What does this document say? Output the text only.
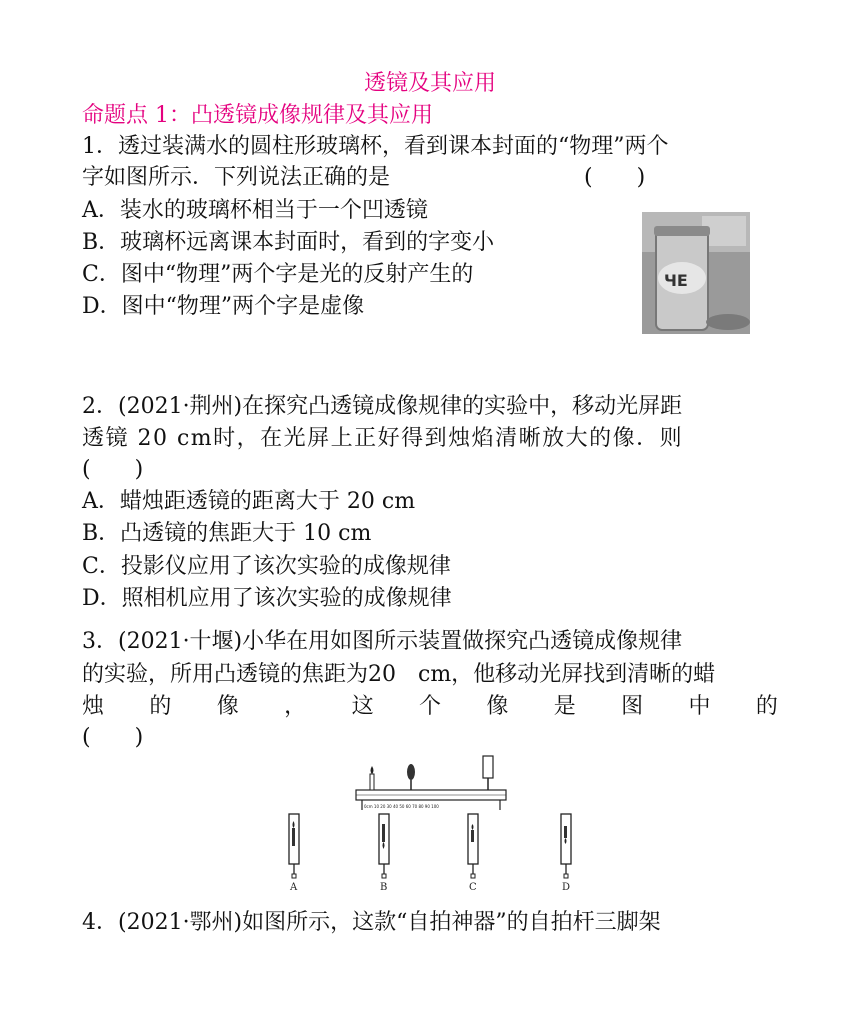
透镜及其应用
命题点 1：凸透镜成像规律及其应用
1．透过装满水的圆柱形玻璃杯，看到课本封面的“物理”两个
字如图所示．下列说法正确的是	(　　)
A．装水的玻璃杯相当于一个凹透镜
B．玻璃杯远离课本封面时，看到的字变小
C．图中“物理”两个字是光的反射产生的
D．图中“物理”两个字是虚像
ЧЕ
2．(2021·荆州)在探究凸透镜成像规律的实验中，移动光屏距
透镜 20 cm时，在光屏上正好得到烛焰清晰放大的像．则
(　　)
A．蜡烛距透镜的距离大于 20 cm
B．凸透镜的焦距大于 10 cm
C．投影仪应用了该次实验的成像规律
D．照相机应用了该次实验的成像规律
3．(2021·十堰)小华在用如图所示装置做探究凸透镜成像规律
的实验，所用凸透镜的焦距为20　cm，他移动光屏找到清晰的蜡
烛 的 像 ， 这 个 像 是 图 中 的
(　　)
0cm 10 20 30 40 50 60 70 80 90 100
A	B	C	D
4．(2021·鄂州)如图所示，这款“自拍神器”的自拍杆三脚架
